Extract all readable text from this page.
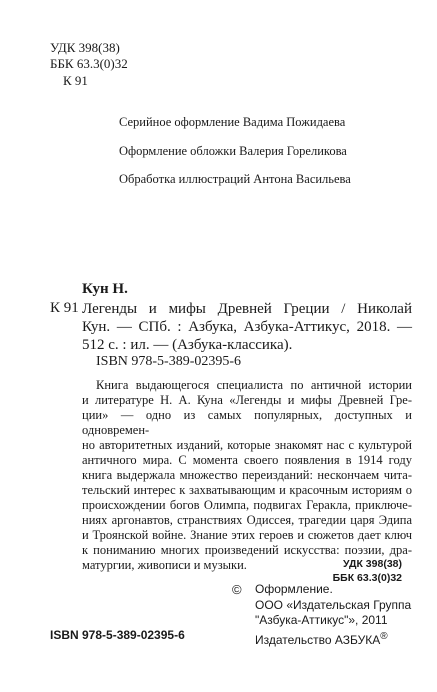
УДК 398(38)
ББК 63.3(0)32
К 91
Серийное оформление Вадима Пожидаева
Оформление обложки Валерия Гореликова
Обработка иллюстраций Антона Васильева
Кун Н.
К 91 Легенды и мифы Древней Греции / Николай
Кун. — СПб. : Азбука, Азбука-Аттикус, 2018. —
512 с. : ил. — (Азбука-классика).
ISBN 978-5-389-02395-6
Книга выдающегося специалиста по античной истории
и литературе Н. А. Куна «Легенды и мифы Древней Гре-
ции» — одно из самых популярных, доступных и одновремен-
но авторитетных изданий, которые знакомят нас с культурой
античного мира. С момента своего появления в 1914 году
книга выдержала множество переизданий: нескончаем чита-
тельский интерес к захватывающим и красочным историям о
происхождении богов Олимпа, подвигах Геракла, приключе-
ниях аргонавтов, странствиях Одиссея, трагедии царя Эдипа
и Троянской войне. Знание этих героев и сюжетов дает ключ
к пониманию многих произведений искусства: поэзии, дра-
матургии, живописи и музыки.	УДК 398(38)
ББК 63.3(0)32
ISBN 978-5-389-02395-6
© Оформление.
ООО «Издательская Группа
"Азбука-Аттикус"», 2011
Издательство АЗБУКА®
